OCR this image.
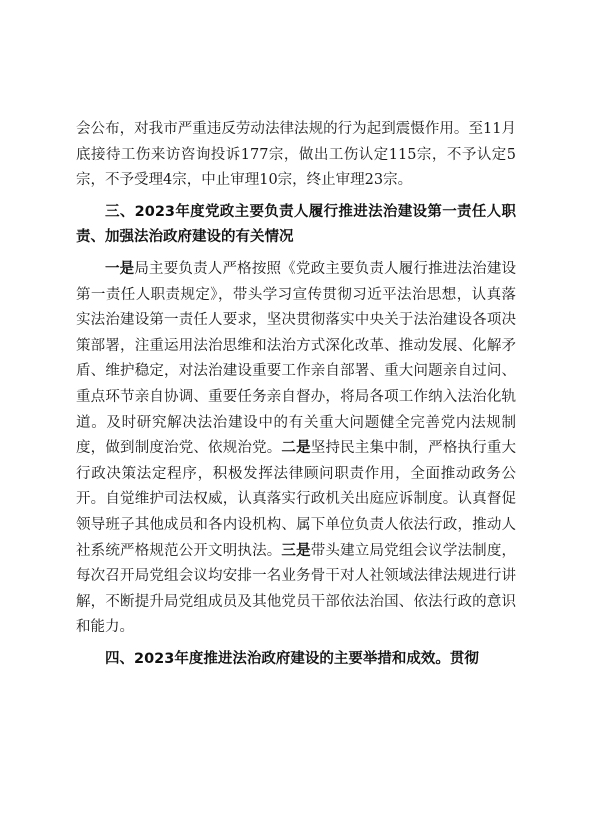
会公布，对我市严重违反劳动法律法规的行为起到震慑作用。至11月底接待工伤来访咨询投诉177宗，做出工伤认定115宗，不予认定5宗，不予受理4宗，中止审理10宗，终止审理23宗。

三、2023年度党政主要负责人履行推进法治建设第一责任人职责、加强法治政府建设的有关情况

一是局主要负责人严格按照《党政主要负责人履行推进法治建设第一责任人职责规定》，带头学习宣传贯彻习近平法治思想，认真落实法治建设第一责任人要求，坚决贯彻落实中央关于法治建设各项决策部署，注重运用法治思维和法治方式深化改革、推动发展、化解矛盾、维护稳定，对法治建设重要工作亲自部署、重大问题亲自过问、重点环节亲自协调、重要任务亲自督办，将局各项工作纳入法治化轨道。及时研究解决法治建设中的有关重大问题健全完善党内法规制度，做到制度治党、依规治党。二是坚持民主集中制，严格执行重大行政决策法定程序，积极发挥法律顾问职责作用，全面推动政务公开。自觉维护司法权威，认真落实行政机关出庭应诉制度。认真督促领导班子其他成员和各内设机构、属下单位负责人依法行政，推动人社系统严格规范公开文明执法。三是带头建立局党组会议学法制度，每次召开局党组会议均安排一名业务骨干对人社领域法律法规进行讲解，不断提升局党组成员及其他党员干部依法治国、依法行政的意识和能力。

四、2023年度推进法治政府建设的主要举措和成效。贯彻
